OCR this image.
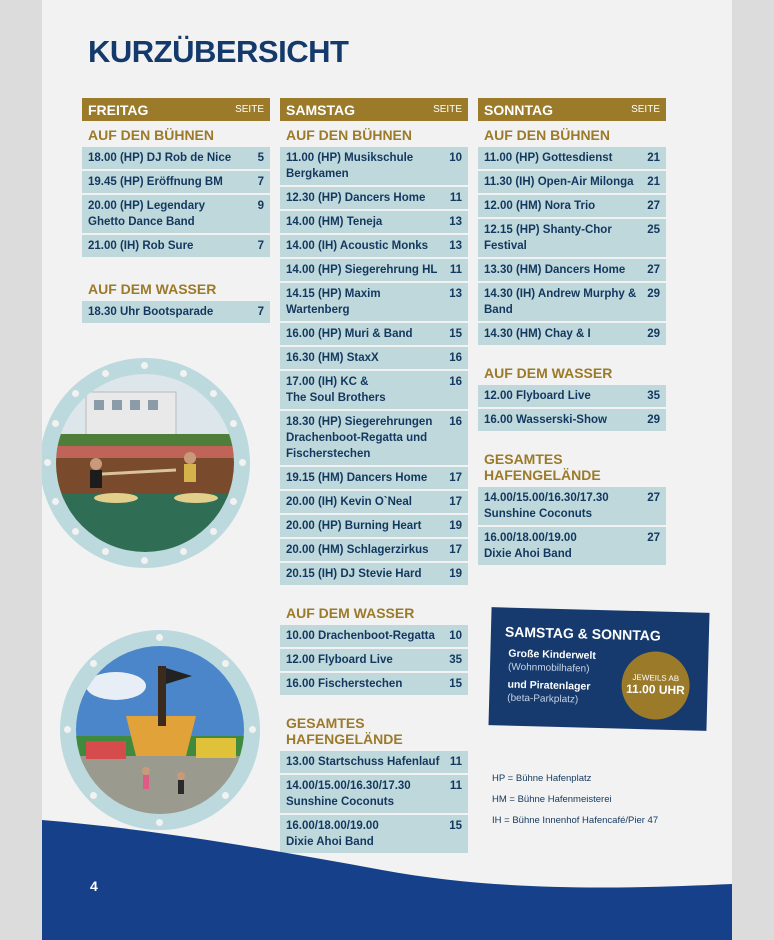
KURZÜBERSICHT
FREITAG	SEITE
AUF DEN BÜHNEN
18.00 (HP) DJ Rob de Nice 5
19.45 (HP) Eröffnung BM	7
20.00 (HP) Legendary
Ghetto Dance Band
9
21.00 (IH) Rob Sure	7
AUF DEM WASSER
18.30 Uhr Bootsparade	7
SAMSTAG	SEITE
AUF DEN BÜHNEN
11.00 (HP) Musikschule
Bergkamen
10
12.30 (HP) Dancers Home 11
14.00 (HM) Teneja	13
14.00 (IH) Acoustic Monks 13
14.00 (HP) Siegerehrung HL 11
14.15 (HP) Maxim Wartenberg
13
16.00 (HP) Muri & Band	15
16.30 (HM) StaxX	16
17.00 (IH) KC &
The Soul Brothers
16
18.30 (HP) Siegerehrungen
Drachenboot-Regatta und
Fischerstechen
16
19.15 (HM) Dancers Home 17
20.00 (IH) Kevin O`Neal	17
20.00 (HP) Burning Heart 19
20.00 (HM) Schlagerzirkus 17
20.15 (IH) DJ Stevie Hard 19
AUF DEM WASSER
10.00 Drachenboot-Regatta 10
12.00 Flyboard Live	35
16.00 Fischerstechen	15
GESAMTES HAFENGELÄNDE
13.00 Startschuss Hafenlauf 11
14.00/15.00/16.30/17.30
Sunshine Coconuts
11
16.00/18.00/19.00
Dixie Ahoi Band
15
SONNTAG	SEITE
AUF DEN BÜHNEN
11.00 (HP) Gottesdienst	21
11.30 (IH) Open-Air Milonga 21
12.00 (HM) Nora Trio	27
12.15 (HP) Shanty-Chor
Festival
25
13.30 (HM) Dancers Home 27
14.30 (IH) Andrew Murphy &
Band
29
14.30 (HM) Chay & I	29
AUF DEM WASSER
12.00 Flyboard Live	35
16.00 Wasserski-Show	29
GESAMTES HAFENGELÄNDE
14.00/15.00/16.30/17.30
Sunshine Coconuts
27
16.00/18.00/19.00
Dixie Ahoi Band
27
SAMSTAG & SONNTAG
Große Kinderwelt
(Wohnmobilhafen)
und Piratenlager
(beta-Parkplatz)
JEWEILS AB
11.00 UHR
HP = Bühne Hafenplatz
HM = Bühne Hafenmeisterei
IH = Bühne Innenhof Hafencafé/Pier 47
4
